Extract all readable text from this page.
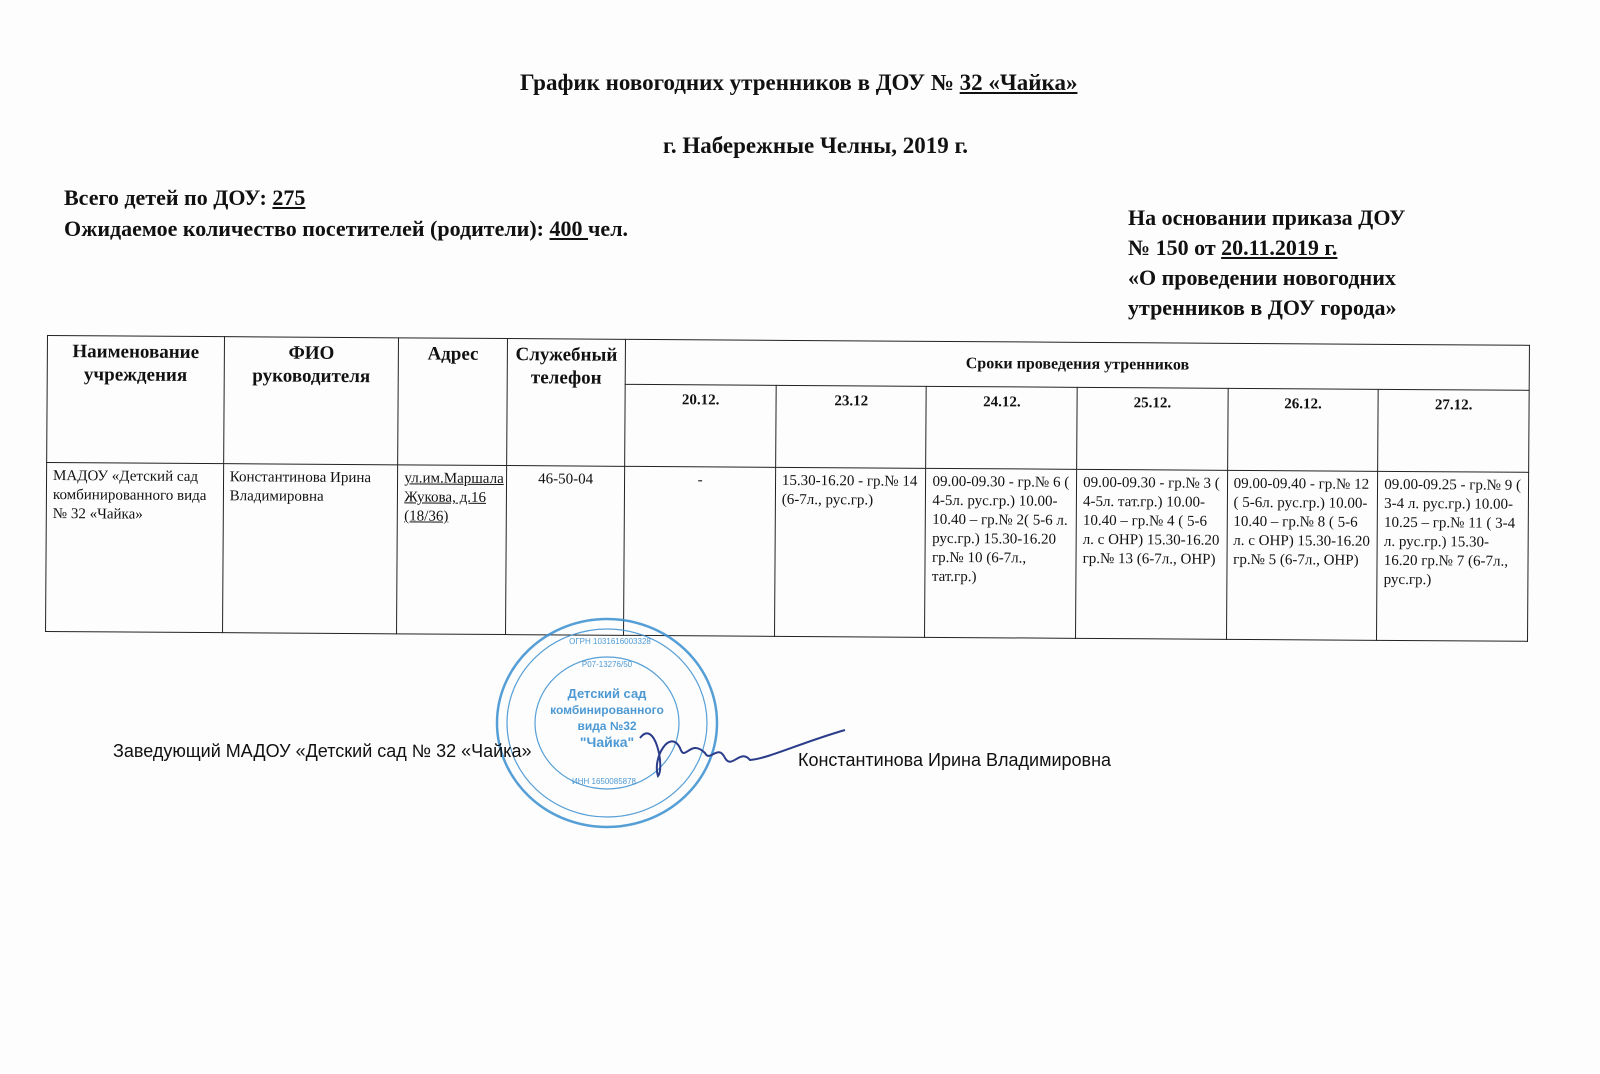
График новогодних утренников в ДОУ № 32 «Чайка»
г. Набережные Челны, 2019 г.
Всего детей по ДОУ: 275
Ожидаемое количество посетителей (родители): 400 чел.	На основании приказа ДОУ
№ 150 от 20.11.2019 г.
«О проведении новогодних
утренников в ДОУ города»
Наименование учреждения	ФИО руководителя	Адрес	Служебный телефон	Сроки проведения утренников					
				20.12.	23.12	24.12.	25.12.	26.12.	27.12.
МАДОУ «Детский сад комбинированного вида № 32 «Чайка»	Константинова Ирина Владимировна	ул.им.Маршала Жукова, д.16 (18/36)	46-50-04	-	15.30-16.20 - гр.№ 14 (6-7л., рус.гр.)	09.00-09.30 - гр.№ 6 ( 4-5л. рус.гр.) 10.00-10.40 – гр.№ 2( 5-6 л. рус.гр.) 15.30-16.20 гр.№ 10 (6-7л., тат.гр.)	09.00-09.30 - гр.№ 3 ( 4-5л. тат.гр.) 10.00-10.40 – гр.№ 4 ( 5-6 л. с ОНР) 15.30-16.20 гр.№ 13 (6-7л., ОНР)	09.00-09.40 - гр.№ 12 ( 5-6л. рус.гр.) 10.00-10.40 – гр.№ 8 ( 5-6 л. с ОНР) 15.30-16.20 гр.№ 5 (6-7л., ОНР)	09.00-09.25 - гр.№ 9 ( 3-4 л. рус.гр.) 10.00-10.25 – гр.№ 11 ( 3-4 л. рус.гр.) 15.30-16.20 гр.№ 7 (6-7л., рус.гр.)
Детский сад
комбинированного
вида №32
"Чайка"
ОГРН 1031616003328
Р07-13276/50
ИНН 1650085878
Заведующий МАДОУ «Детский сад № 32 «Чайка»	Константинова Ирина Владимировна
